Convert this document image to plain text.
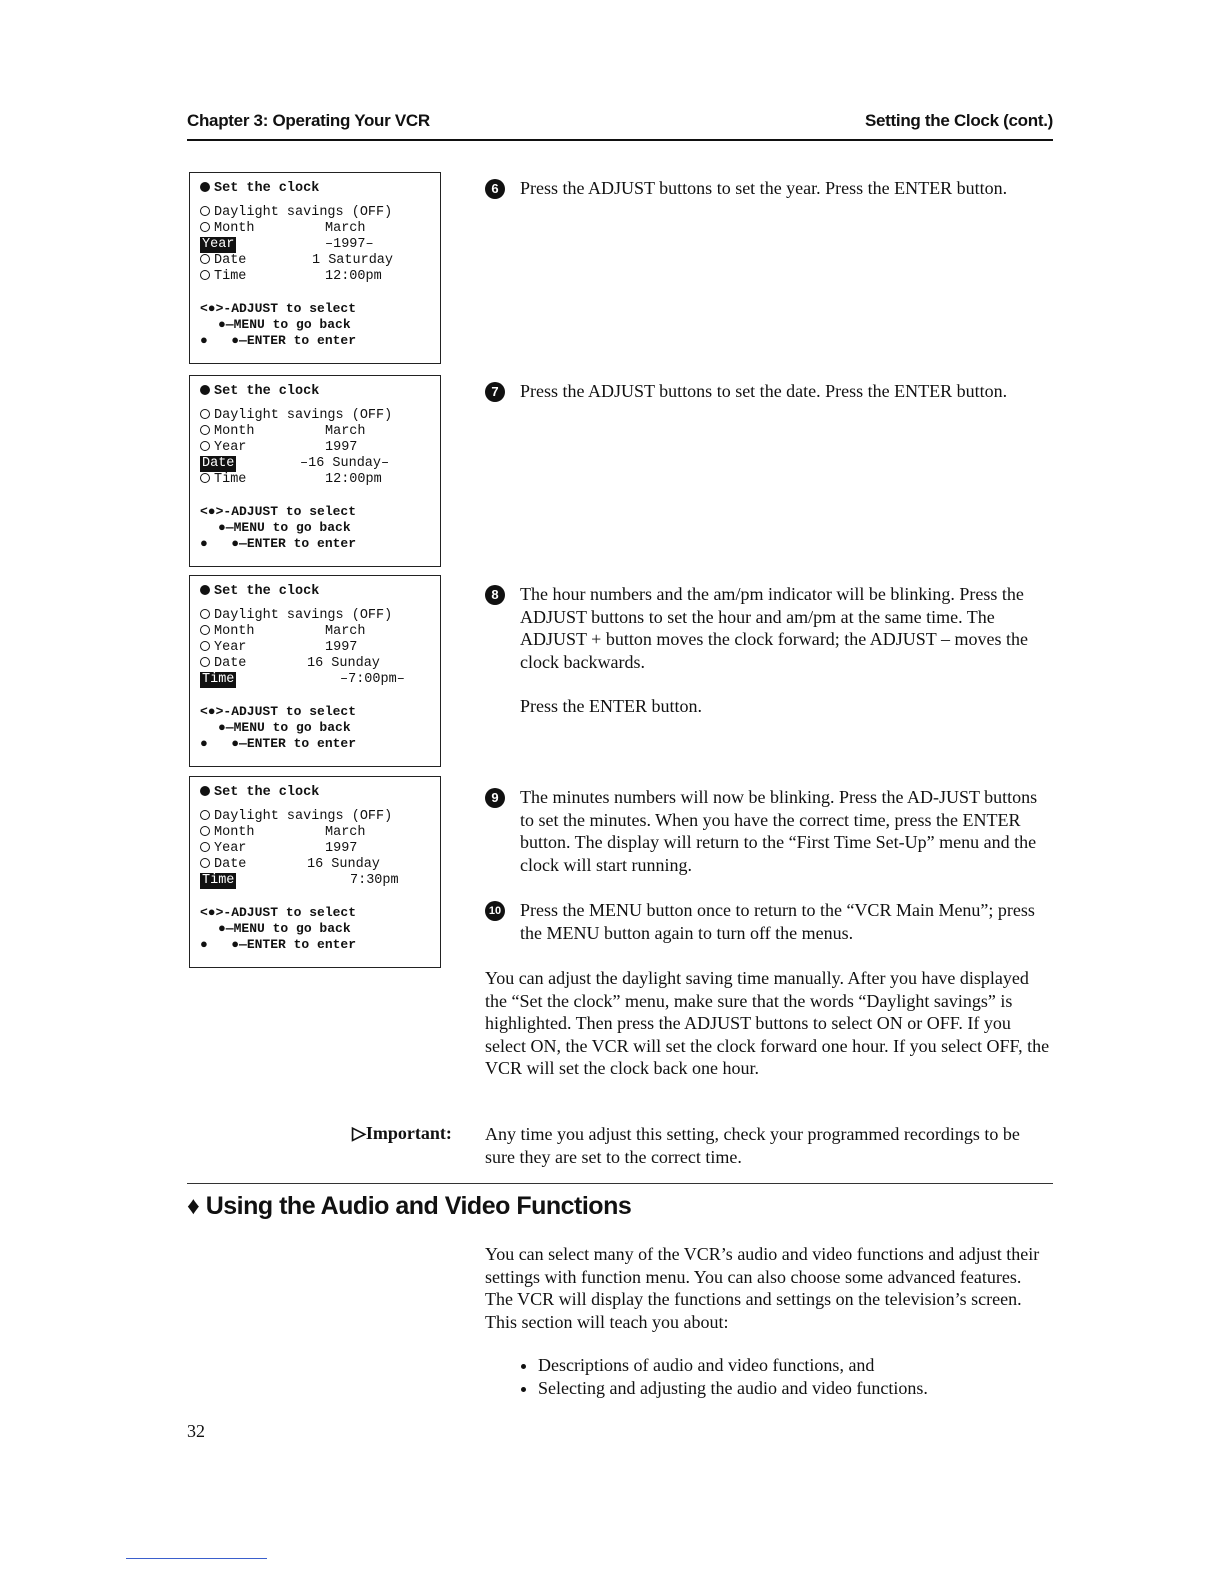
Chapter 3: Operating Your VCR	Setting the Clock (cont.)
Set the clock
Daylight savings (OFF)
Month	March
Year	–1997–
Date	1 Saturday
Time	12:00pm
<●>-ADJUST to select
●—MENU to go back
●   ●—ENTER to enter
Set the clock
Daylight savings (OFF)
Month	March
Year	1997
Date	–16 Sunday–
Time	12:00pm
<●>-ADJUST to select
●—MENU to go back
●   ●—ENTER to enter
Set the clock
Daylight savings (OFF)
Month	March
Year	1997
Date	16 Sunday
Time	–7:00pm–
<●>-ADJUST to select
●—MENU to go back
●   ●—ENTER to enter
Set the clock
Daylight savings (OFF)
Month	March
Year	1997
Date	16 Sunday
Time	7:30pm
<●>-ADJUST to select
●—MENU to go back
●   ●—ENTER to enter
6	Press the ADJUST buttons to set the year. Press the ENTER button.
7	Press the ADJUST buttons to set the date. Press the ENTER button.
8	The hour numbers and the am/pm indicator will be blinking. Press the ADJUST buttons to set the hour and am/pm at the same time. The ADJUST + button moves the clock forward; the ADJUST – moves the clock backwards.
Press the ENTER button.
9	The minutes numbers will now be blinking. Press the AD-JUST buttons to set the minutes. When you have the correct time, press the ENTER button. The display will return to the “First Time Set-Up” menu and the clock will start running.
10 Press the MENU button once to return to the “VCR Main Menu”; press the MENU button again to turn off the menus.
You can adjust the daylight saving time manually. After you have displayed the “Set the clock” menu, make sure that the words “Daylight savings” is highlighted. Then press the ADJUST buttons to select ON or OFF. If you select ON, the VCR will set the clock forward one hour. If you select OFF, the VCR will set the clock back one hour.
▷Important: Any time you adjust this setting, check your programmed recordings to be sure they are set to the correct time.
♦ Using the Audio and Video Functions
You can select many of the VCR’s audio and video functions and adjust their settings with function menu. You can also choose some advanced features. The VCR will display the functions and settings on the television’s screen. This section will teach you about:
• Descriptions of audio and video functions, and
• Selecting and adjusting the audio and video functions.
32
